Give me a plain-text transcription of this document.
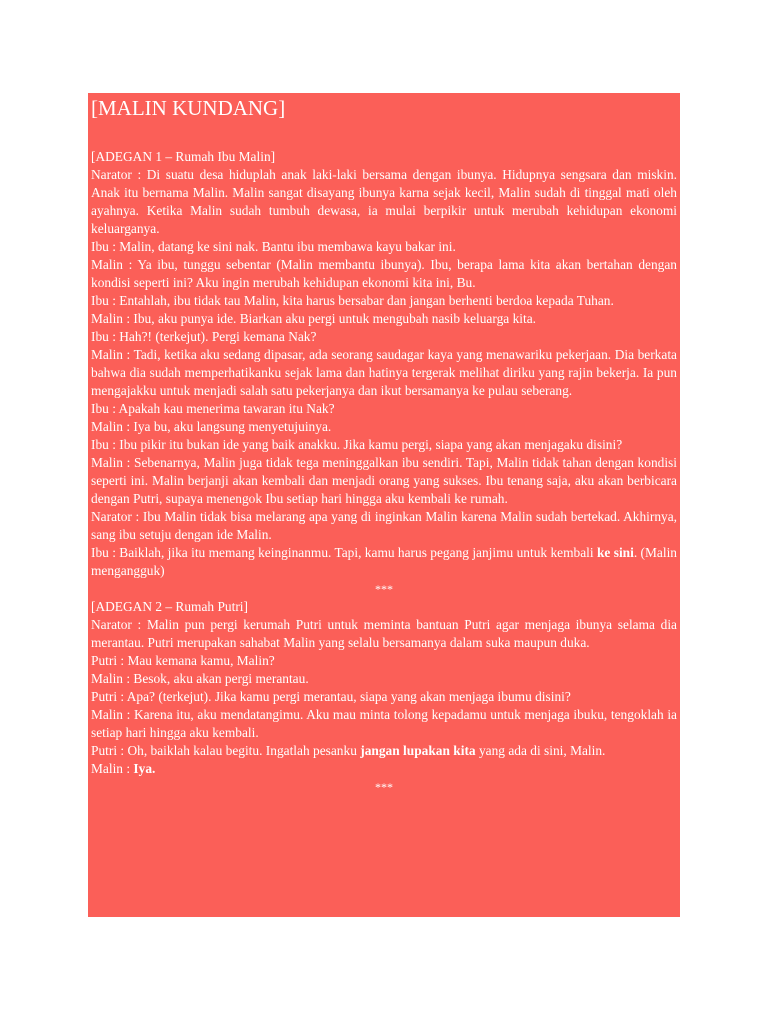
[MALIN KUNDANG]

[ADEGAN 1 – Rumah Ibu Malin]

Narator : Di suatu desa hiduplah anak laki-laki bersama dengan ibunya. Hidupnya sengsara dan miskin. Anak itu bernama Malin. Malin sangat disayang ibunya karna sejak kecil, Malin sudah di tinggal mati oleh ayahnya. Ketika Malin sudah tumbuh dewasa, ia mulai berpikir untuk merubah kehidupan ekonomi keluarganya.

Ibu : Malin, datang ke sini nak. Bantu ibu membawa kayu bakar ini.

Malin : Ya ibu, tunggu sebentar (Malin membantu ibunya). Ibu, berapa lama kita akan bertahan dengan kondisi seperti ini? Aku ingin merubah kehidupan ekonomi kita ini, Bu.

Ibu : Entahlah, ibu tidak tau Malin, kita harus bersabar dan jangan berhenti berdoa kepada Tuhan.

Malin : Ibu, aku punya ide. Biarkan aku pergi untuk mengubah nasib keluarga kita.

Ibu : Hah?! (terkejut). Pergi kemana Nak?

Malin : Tadi, ketika aku sedang dipasar, ada seorang saudagar kaya yang menawariku pekerjaan. Dia berkata bahwa dia sudah memperhatikanku sejak lama dan hatinya tergerak melihat diriku yang rajin bekerja. Ia pun mengajakku untuk menjadi salah satu pekerjanya dan ikut bersamanya ke pulau seberang.

Ibu : Apakah kau menerima tawaran itu Nak?

Malin : Iya bu, aku langsung menyetujuinya.

Ibu : Ibu pikir itu bukan ide yang baik anakku. Jika kamu pergi, siapa yang akan menjagaku disini?

Malin : Sebenarnya, Malin juga tidak tega meninggalkan ibu sendiri. Tapi, Malin tidak tahan dengan kondisi seperti ini. Malin berjanji akan kembali dan menjadi orang yang sukses. Ibu tenang saja, aku akan berbicara dengan Putri, supaya menengok Ibu setiap hari hingga aku kembali ke rumah.

Narator : Ibu Malin tidak bisa melarang apa yang di inginkan Malin karena Malin sudah bertekad. Akhirnya, sang ibu setuju dengan ide Malin.

Ibu : Baiklah, jika itu memang keinginanmu. Tapi, kamu harus pegang janjimu untuk kembali ke sini. (Malin mengangguk)

***

[ADEGAN 2 – Rumah Putri]

Narator : Malin pun pergi kerumah Putri untuk meminta bantuan Putri agar menjaga ibunya selama dia merantau. Putri merupakan sahabat Malin yang selalu bersamanya dalam suka maupun duka.

Putri : Mau kemana kamu, Malin?

Malin : Besok, aku akan pergi merantau.

Putri : Apa? (terkejut). Jika kamu pergi merantau, siapa yang akan menjaga ibumu disini?

Malin : Karena itu, aku mendatangimu. Aku mau minta tolong kepadamu untuk menjaga ibuku, tengoklah ia setiap hari hingga aku kembali.

Putri : Oh, baiklah kalau begitu. Ingatlah pesanku jangan lupakan kita yang ada di sini, Malin.

Malin : Iya.

***
